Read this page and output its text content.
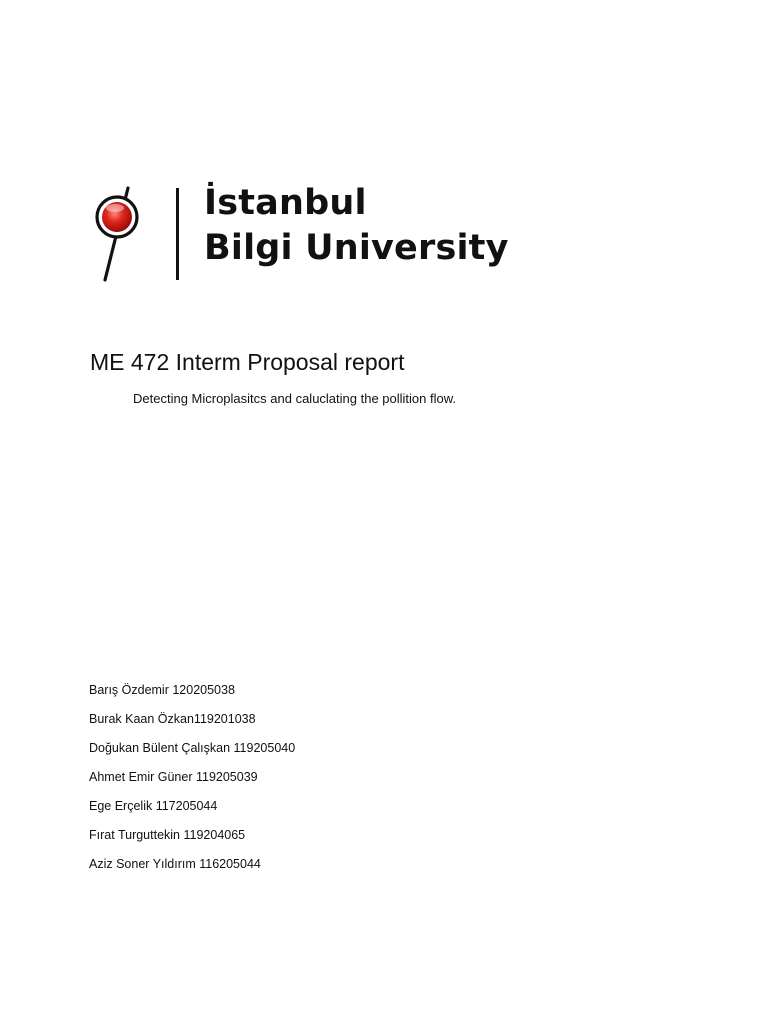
İstanbul
Bilgi University
ME 472 Interm Proposal report

Detecting Microplasitcs and caluclating the pollition flow.

Barış Özdemir 120205038
Burak Kaan Özkan119201038
Doğukan Bülent Çalışkan 119205040
Ahmet Emir Güner 119205039
Ege Erçelik 117205044
Fırat Turguttekin 119204065
Aziz Soner Yıldırım 116205044
